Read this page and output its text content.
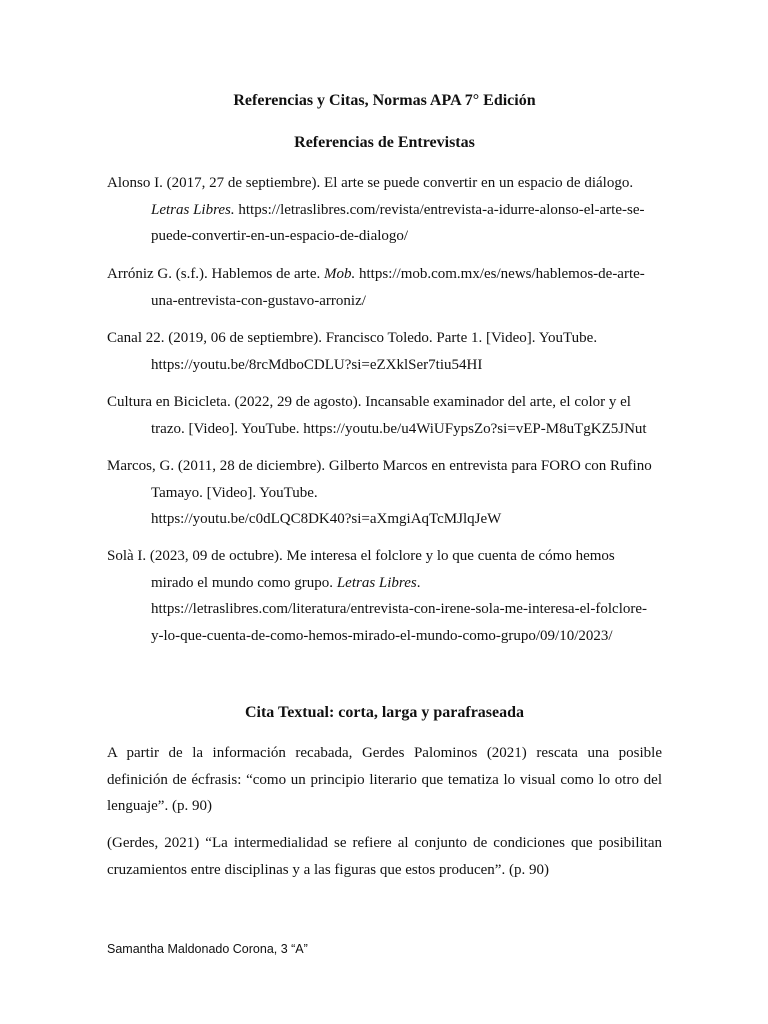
Referencias y Citas, Normas APA 7° Edición
Referencias de Entrevistas
Alonso I. (2017, 27 de septiembre). El arte se puede convertir en un espacio de diálogo.
Letras Libres. https://letraslibres.com/revista/entrevista-a-idurre-alonso-el-arte-se-
puede-convertir-en-un-espacio-de-dialogo/
Arróniz G. (s.f.). Hablemos de arte. Mob. https://mob.com.mx/es/news/hablemos-de-arte-
una-entrevista-con-gustavo-arroniz/
Canal 22. (2019, 06 de septiembre). Francisco Toledo. Parte 1. [Video]. YouTube.
https://youtu.be/8rcMdboCDLU?si=eZXklSer7tiu54HI
Cultura en Bicicleta. (2022, 29 de agosto). Incansable examinador del arte, el color y el
trazo. [Video]. YouTube. https://youtu.be/u4WiUFypsZo?si=vEP-M8uTgKZ5JNut
Marcos, G. (2011, 28 de diciembre). Gilberto Marcos en entrevista para FORO con Rufino
Tamayo. [Video]. YouTube.
https://youtu.be/c0dLQC8DK40?si=aXmgiAqTcMJlqJeW
Solà I. (2023, 09 de octubre). Me interesa el folclore y lo que cuenta de cómo hemos
mirado el mundo como grupo. Letras Libres.
https://letraslibres.com/literatura/entrevista-con-irene-sola-me-interesa-el-folclore-
y-lo-que-cuenta-de-como-hemos-mirado-el-mundo-como-grupo/09/10/2023/
Cita Textual: corta, larga y parafraseada
A partir de la información recabada, Gerdes Palominos (2021) rescata una posible definición de écfrasis: “como un principio literario que tematiza lo visual como lo otro del lenguaje”. (p. 90)
(Gerdes, 2021) “La intermedialidad se refiere al conjunto de condiciones que posibilitan cruzamientos entre disciplinas y a las figuras que estos producen”. (p. 90)
Samantha Maldonado Corona, 3 “A”
